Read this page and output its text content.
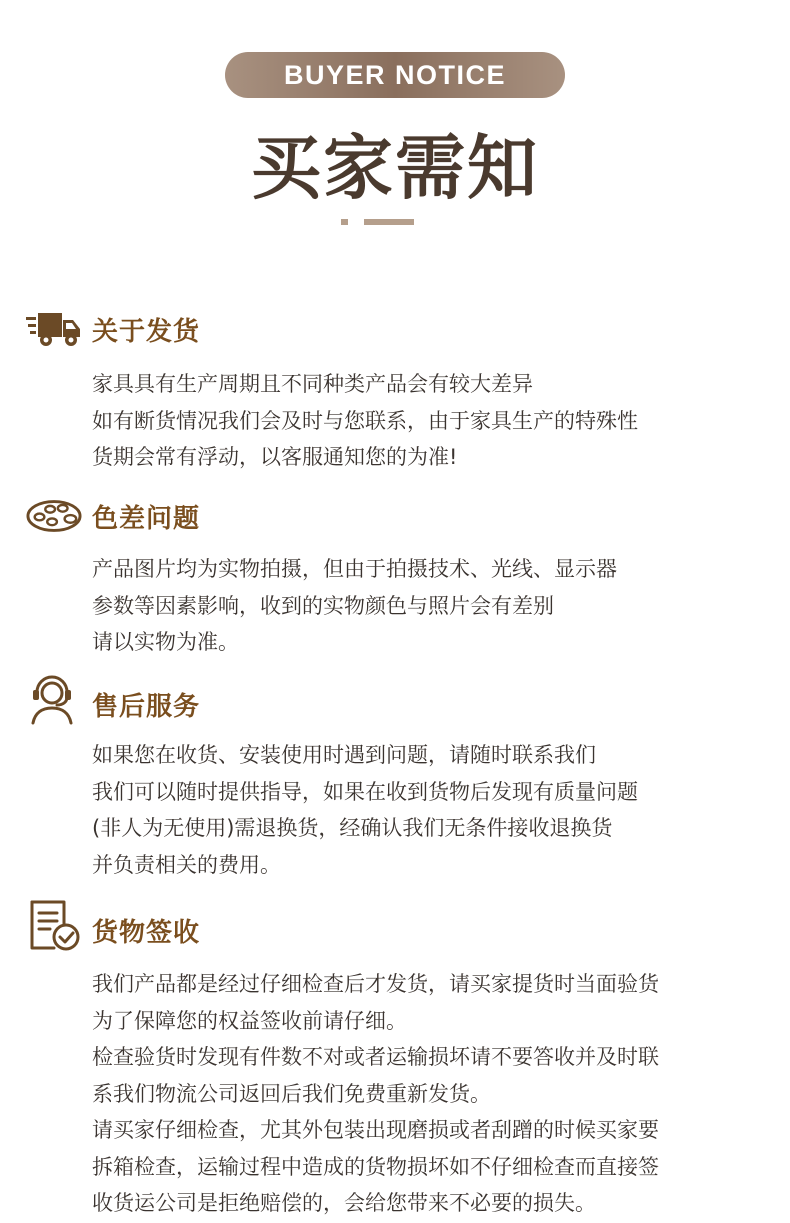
BUYER NOTICE
买家需知
关于发货
家具具有生产周期且不同种类产品会有较大差异
如有断货情况我们会及时与您联系，由于家具生产的特殊性
货期会常有浮动，以客服通知您的为准!
色差问题
产品图片均为实物拍摄，但由于拍摄技术、光线、显示器
参数等因素影响，收到的实物颜色与照片会有差别
请以实物为准。
售后服务
如果您在收货、安装使用时遇到问题，请随时联系我们
我们可以随时提供指导，如果在收到货物后发现有质量问题
(非人为无使用)需退换货，经确认我们无条件接收退换货
并负责相关的费用。
货物签收
我们产品都是经过仔细检查后才发货，请买家提货时当面验货
为了保障您的权益签收前请仔细。
检查验货时发现有件数不对或者运输损坏请不要答收并及时联
系我们物流公司返回后我们免费重新发货。
请买家仔细检查，尤其外包装出现磨损或者刮蹭的时候买家要
拆箱检查，运输过程中造成的货物损坏如不仔细检查而直接签
收货运公司是拒绝赔偿的，会给您带来不必要的损失。
